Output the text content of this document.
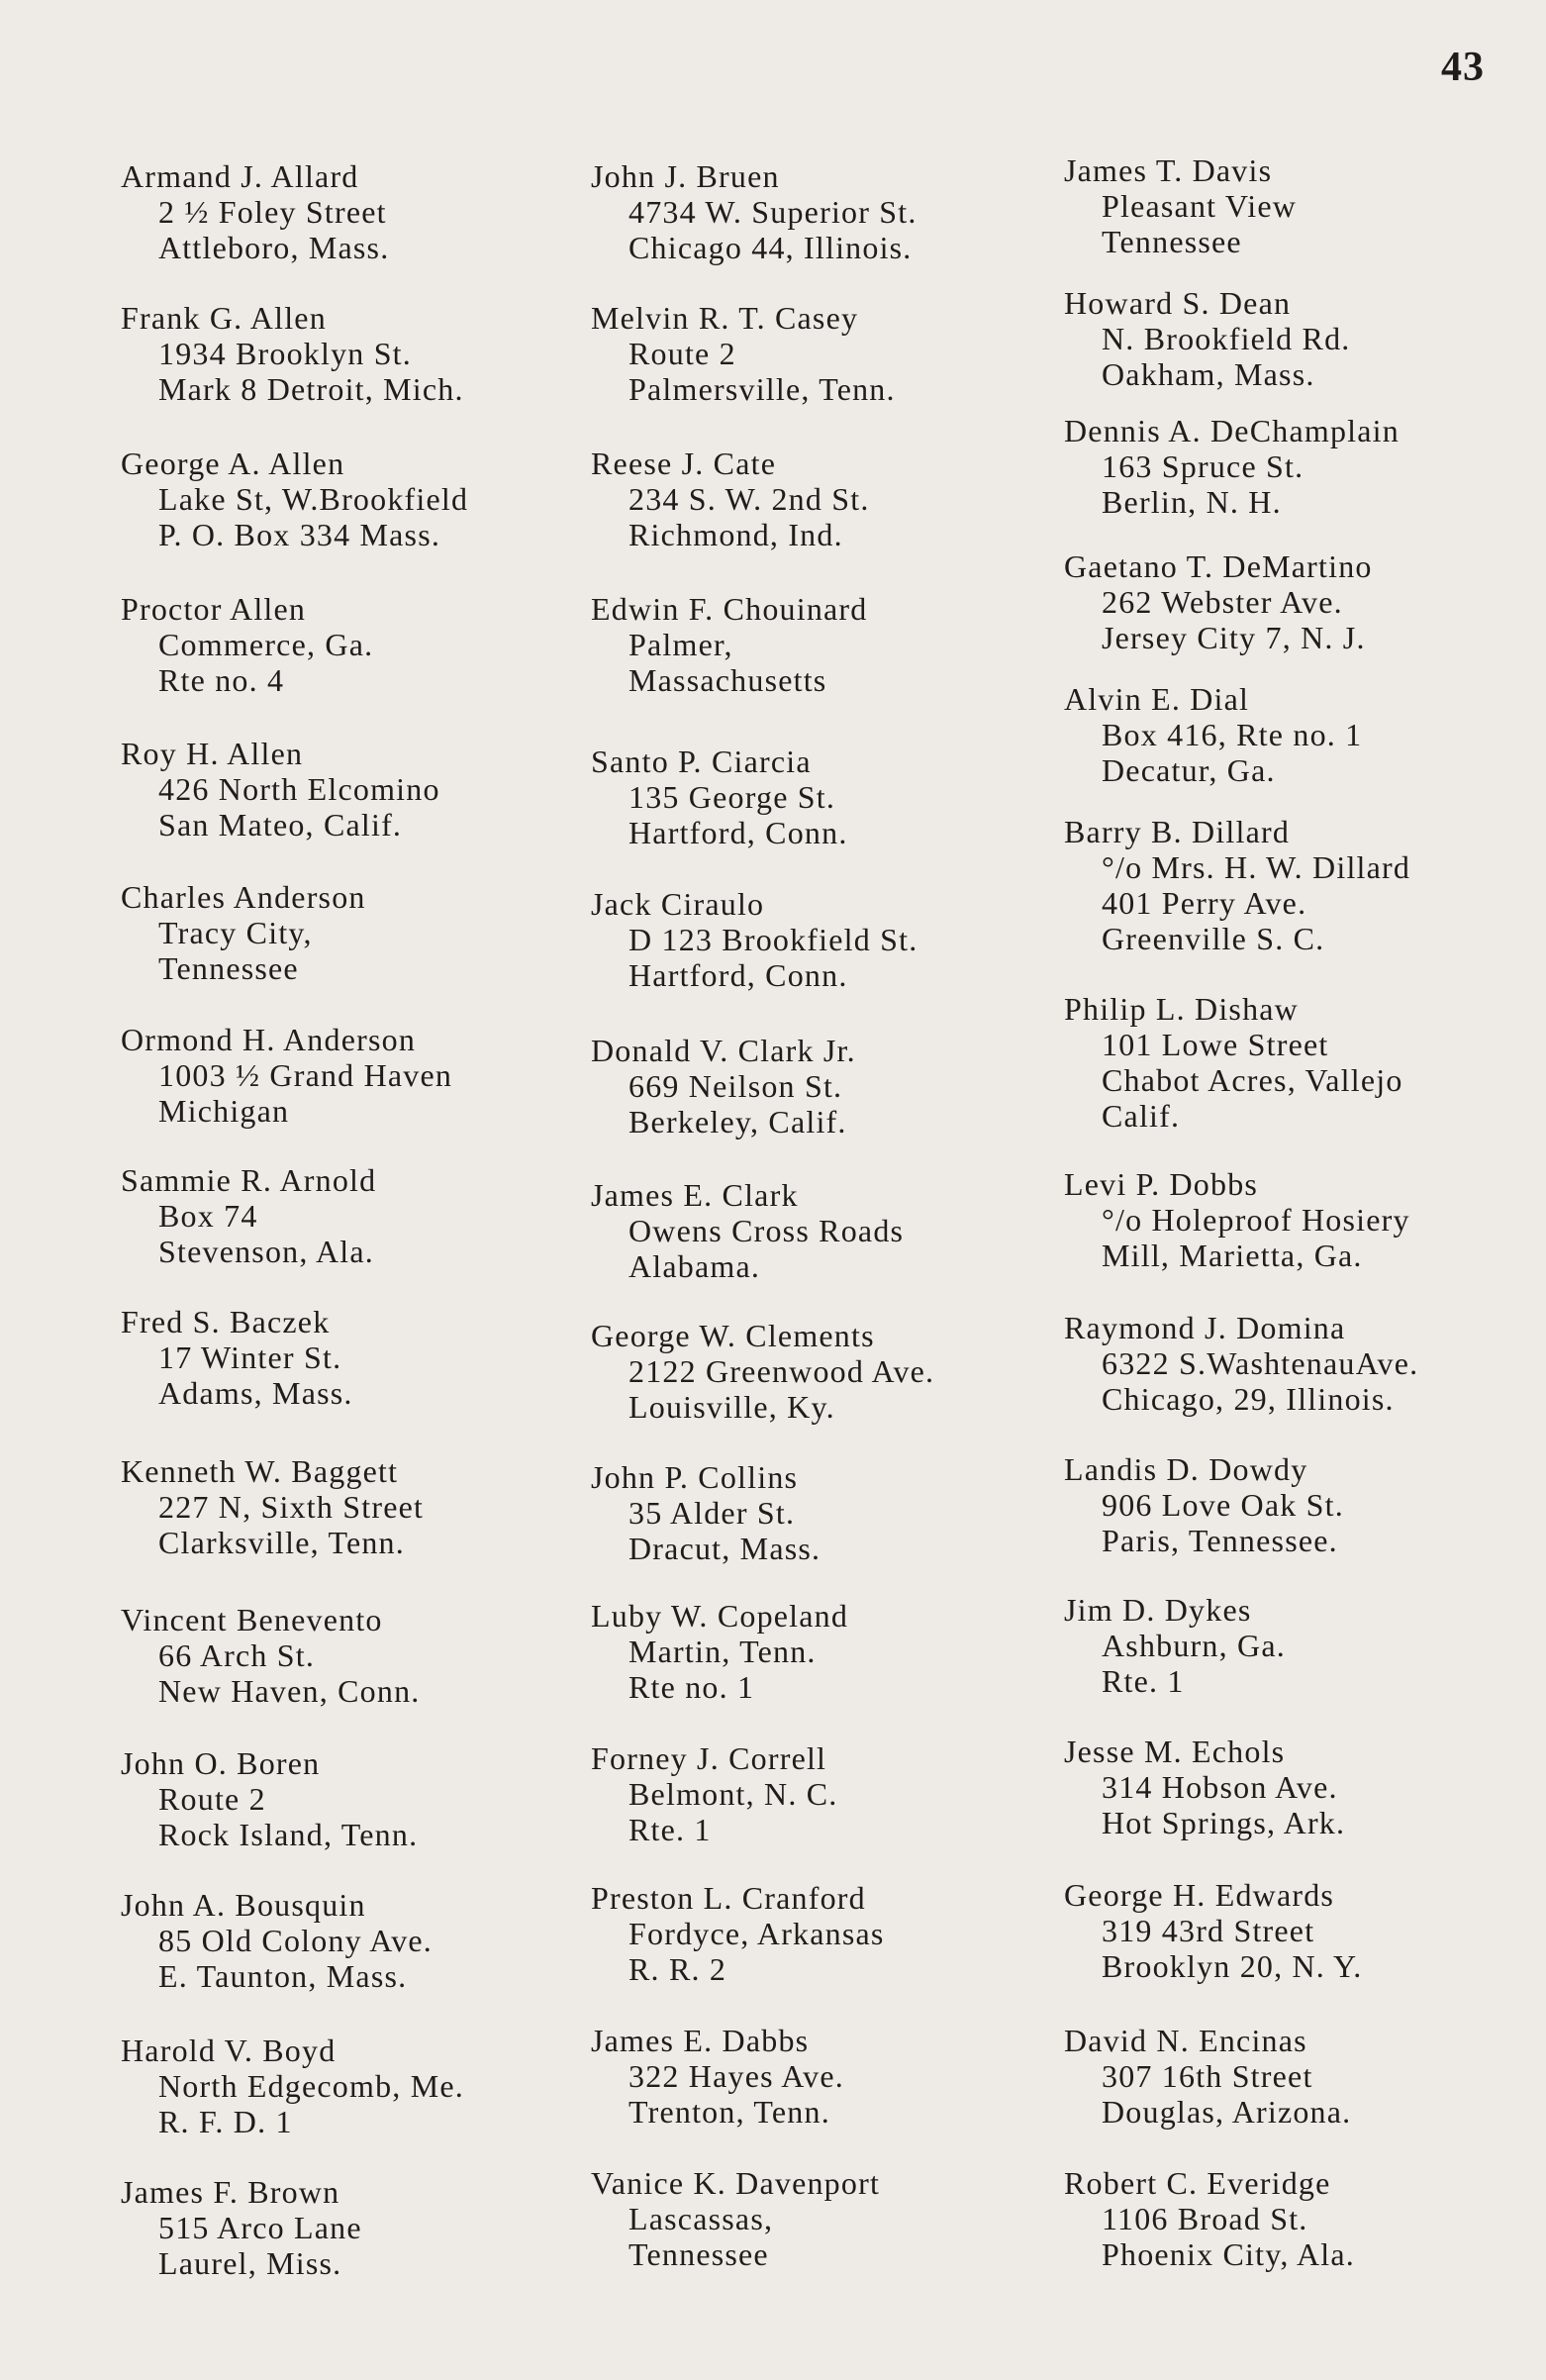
43
Armand J. Allard
2 ½ Foley Street
Attleboro, Mass.
Frank G. Allen
1934 Brooklyn St.
Mark 8 Detroit, Mich.
George A. Allen
Lake St, W.Brookfield
P. O. Box 334 Mass.
Proctor Allen
Commerce, Ga.
Rte no. 4
Roy H. Allen
426 North Elcomino
San Mateo, Calif.
Charles Anderson
Tracy City,
Tennessee
Ormond H. Anderson
1003 ½ Grand Haven
Michigan
Sammie R. Arnold
Box 74
Stevenson, Ala.
Fred S. Baczek
17 Winter St.
Adams, Mass.
Kenneth W. Baggett
227 N, Sixth Street
Clarksville, Tenn.
Vincent Benevento
66 Arch St.
New Haven, Conn.
John O. Boren
Route 2
Rock Island, Tenn.
John A. Bousquin
85 Old Colony Ave.
E. Taunton, Mass.
Harold V. Boyd
North Edgecomb, Me.
R. F. D. 1
James F. Brown
515 Arco Lane
Laurel, Miss.
John J. Bruen
4734 W. Superior St.
Chicago 44, Illinois.
Melvin R. T. Casey
Route 2
Palmersville, Tenn.
Reese J. Cate
234 S. W. 2nd St.
Richmond, Ind.
Edwin F. Chouinard
Palmer,
Massachusetts
Santo P. Ciarcia
135 George St.
Hartford, Conn.
Jack Ciraulo
D 123 Brookfield St.
Hartford, Conn.
Donald V. Clark Jr.
669 Neilson St.
Berkeley, Calif.
James E. Clark
Owens Cross Roads
Alabama.
George W. Clements
2122 Greenwood Ave.
Louisville, Ky.
John P. Collins
35 Alder St.
Dracut, Mass.
Luby W. Copeland
Martin, Tenn.
Rte no. 1
Forney J. Correll
Belmont, N. C.
Rte. 1
Preston L. Cranford
Fordyce, Arkansas
R. R. 2
James E. Dabbs
322 Hayes Ave.
Trenton, Tenn.
Vanice K. Davenport
Lascassas,
Tennessee
James T. Davis
Pleasant View
Tennessee
Howard S. Dean
N. Brookfield Rd.
Oakham, Mass.
Dennis A. DeChamplain
163 Spruce St.
Berlin, N. H.
Gaetano T. DeMartino
262 Webster Ave.
Jersey City 7, N. J.
Alvin E. Dial
Box 416, Rte no. 1
Decatur, Ga.
Barry B. Dillard
°/o Mrs. H. W. Dillard
401 Perry Ave.
Greenville S. C.
Philip L. Dishaw
101 Lowe Street
Chabot Acres, Vallejo
Calif.
Levi P. Dobbs
°/o Holeproof Hosiery
Mill, Marietta, Ga.
Raymond J. Domina
6322 S.WashtenauAve.
Chicago, 29, Illinois.
Landis D. Dowdy
906 Love Oak St.
Paris, Tennessee.
Jim D. Dykes
Ashburn, Ga.
Rte. 1
Jesse M. Echols
314 Hobson Ave.
Hot Springs, Ark.
George H. Edwards
319 43rd Street
Brooklyn 20, N. Y.
David N. Encinas
307 16th Street
Douglas, Arizona.
Robert C. Everidge
1106 Broad St.
Phoenix City, Ala.
